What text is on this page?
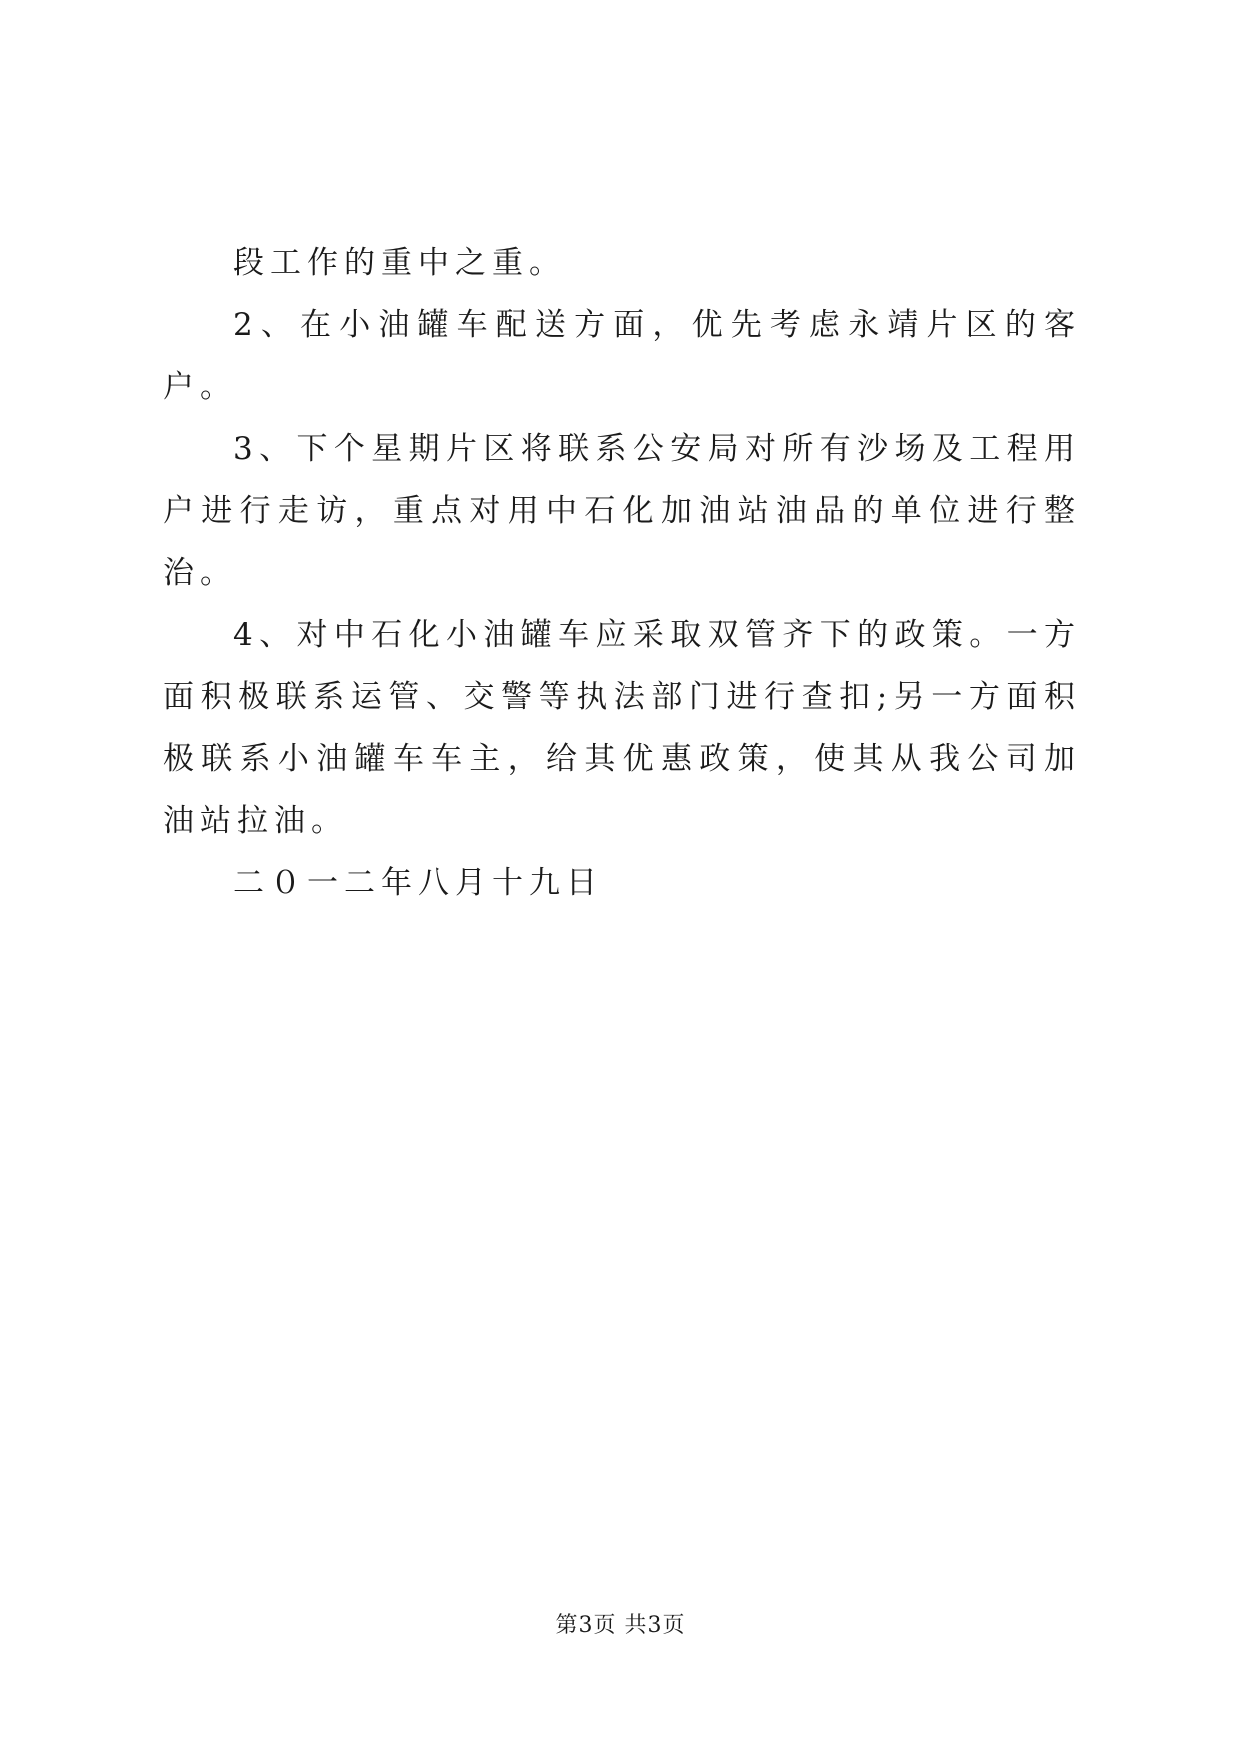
段工作的重中之重。

2、在小油罐车配送方面，优先考虑永靖片区的客户。

3、下个星期片区将联系公安局对所有沙场及工程用户进行走访，重点对用中石化加油站油品的单位进行整治。

4、对中石化小油罐车应采取双管齐下的政策。一方面积极联系运管、交警等执法部门进行查扣;另一方面积极联系小油罐车车主，给其优惠政策，使其从我公司加油站拉油。

二０一二年八月十九日

第3页 共3页
